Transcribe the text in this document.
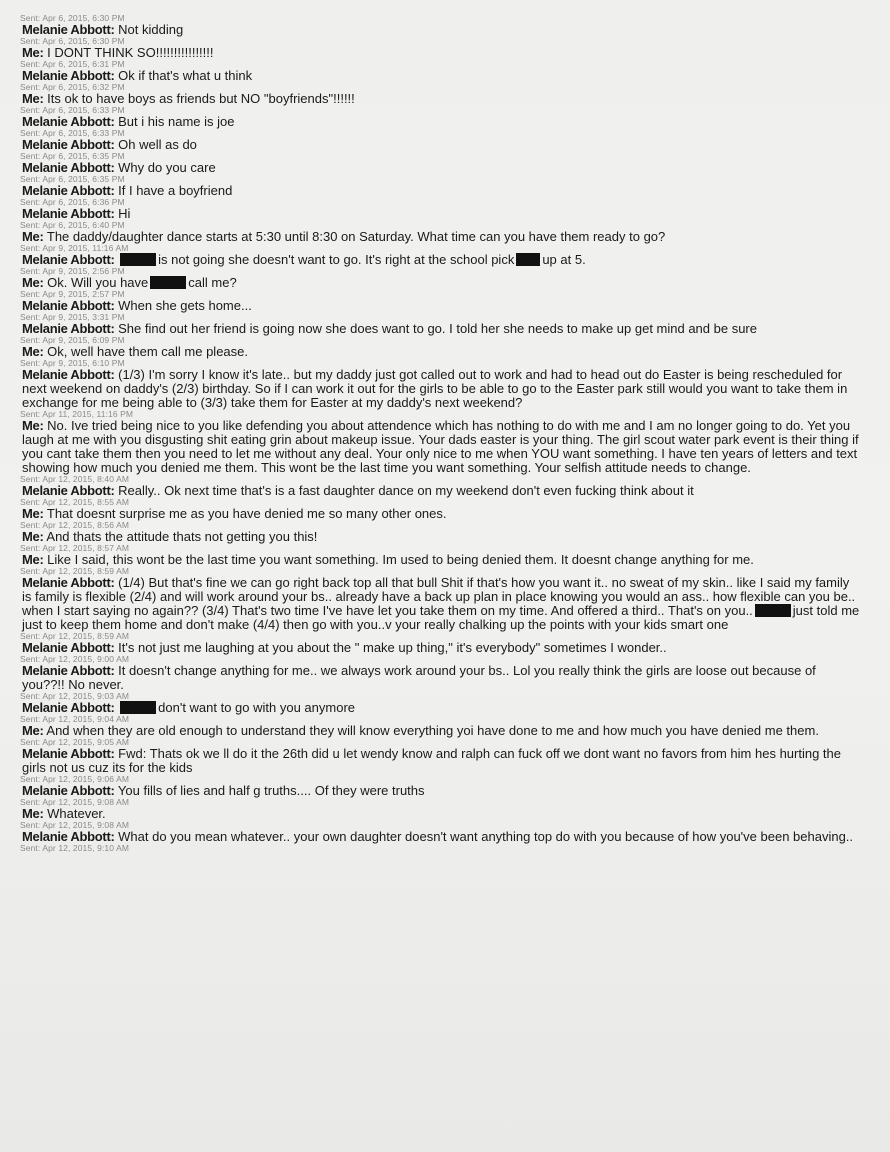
Sent: Apr 6, 2015, 6:30 PM
Melanie Abbott: Not kidding
Sent: Apr 6, 2015, 6:30 PM
Me: I DONT THINK SO!!!!!!!!!!!!!!!!
Sent: Apr 6, 2015, 6:31 PM
Melanie Abbott: Ok if that's what u think
Sent: Apr 6, 2015, 6:32 PM
Me: Its ok to have boys as friends but NO "boyfriends"!!!!!!
Sent: Apr 6, 2015, 6:33 PM
Melanie Abbott: But i his name is joe
Sent: Apr 6, 2015, 6:33 PM
Melanie Abbott: Oh well as do
Sent: Apr 6, 2015, 6:35 PM
Melanie Abbott: Why do you care
Sent: Apr 6, 2015, 6:35 PM
Melanie Abbott: If I have a boyfriend
Sent: Apr 6, 2015, 6:36 PM
Melanie Abbott: Hi
Sent: Apr 6, 2015, 6:40 PM
Me: The daddy/daughter dance starts at 5:30 until 8:30 on Saturday. What time can you have them ready to go?
Sent: Apr 9, 2015, 11:16 AM
Melanie Abbott:	is not going she doesn't want to go. It's right at the school pick up at 5.
Sent: Apr 9, 2015, 2:56 PM
Me: Ok. Will you have	call me?
Sent: Apr 9, 2015, 2:57 PM
Melanie Abbott: When she gets home...
Sent: Apr 9, 2015, 3:31 PM
Melanie Abbott: She find out her friend is going now she does want to go. I told her she needs to make up get mind and be sure
Sent: Apr 9, 2015, 6:09 PM
Me: Ok, well have them call me please.
Sent: Apr 9, 2015, 6:10 PM
Melanie Abbott: (1/3) I'm sorry I know it's late.. but my daddy just got called out to work and had to head out do Easter is being rescheduled for next weekend on daddy's (2/3) birthday. So if I can work it out for the girls to be able to go to the Easter park still would you want to take them in exchange for me being able to (3/3) take them for Easter at my daddy's next weekend?
Sent: Apr 11, 2015, 11:16 PM
Me: No. Ive tried being nice to you like defending you about attendence which has nothing to do with me and I am no longer going to do. Yet you laugh at me with you disgusting shit eating grin about makeup issue. Your dads easter is your thing. The girl scout water park event is their thing if you cant take them then you need to let me without any deal. Your only nice to me when YOU want something. I have ten years of letters and text showing how much you denied me them. This wont be the last time you want something. Your selfish attitude needs to change.
Sent: Apr 12, 2015, 8:40 AM
Melanie Abbott: Really.. Ok next time that's is a fast daughter dance on my weekend don't even fucking think about it
Sent: Apr 12, 2015, 8:55 AM
Me: That doesnt surprise me as you have denied me so many other ones.
Sent: Apr 12, 2015, 8:56 AM
Me: And thats the attitude thats not getting you this!
Sent: Apr 12, 2015, 8:57 AM
Me: Like I said, this wont be the last time you want something. Im used to being denied them. It doesnt change anything for me.
Sent: Apr 12, 2015, 8:59 AM
Melanie Abbott: (1/4) But that's fine we can go right back top all that bull Shit if that's how you want it.. no sweat of my skin.. like I said my family is family is flexible (2/4) and will work around your bs.. already have a back up plan in place knowing you would an ass.. how flexible can you be.. when I start saying no again?? (3/4) That's two time I've have let you take them on my time. And offered a third.. That's on you..	just told me just to keep them home and don't make (4/4) then go with you..v your really chalking up the points with your kids smart one
Sent: Apr 12, 2015, 8:59 AM
Melanie Abbott: It's not just me laughing at you about the " make up thing," it's everybody" sometimes I wonder..
Sent: Apr 12, 2015, 9:00 AM
Melanie Abbott: It doesn't change anything for me.. we always work around your bs.. Lol you really think the girls are loose out because of you??!! No never.
Sent: Apr 12, 2015, 9:03 AM
Melanie Abbott:	don't want to go with you anymore
Sent: Apr 12, 2015, 9:04 AM
Me: And when they are old enough to understand they will know everything yoi have done to me and how much you have denied me them.
Sent: Apr 12, 2015, 9:05 AM
Melanie Abbott: Fwd: Thats ok we ll do it the 26th did u let wendy know and ralph can fuck off we dont want no favors from him hes hurting the girls not us cuz its for the kids
Sent: Apr 12, 2015, 9:06 AM
Melanie Abbott: You fills of lies and half g truths.... Of they were truths
Sent: Apr 12, 2015, 9:08 AM
Me: Whatever.
Sent: Apr 12, 2015, 9:08 AM
Melanie Abbott: What do you mean whatever.. your own daughter doesn't want anything top do with you because of how you've been behaving..
Sent: Apr 12, 2015, 9:10 AM
